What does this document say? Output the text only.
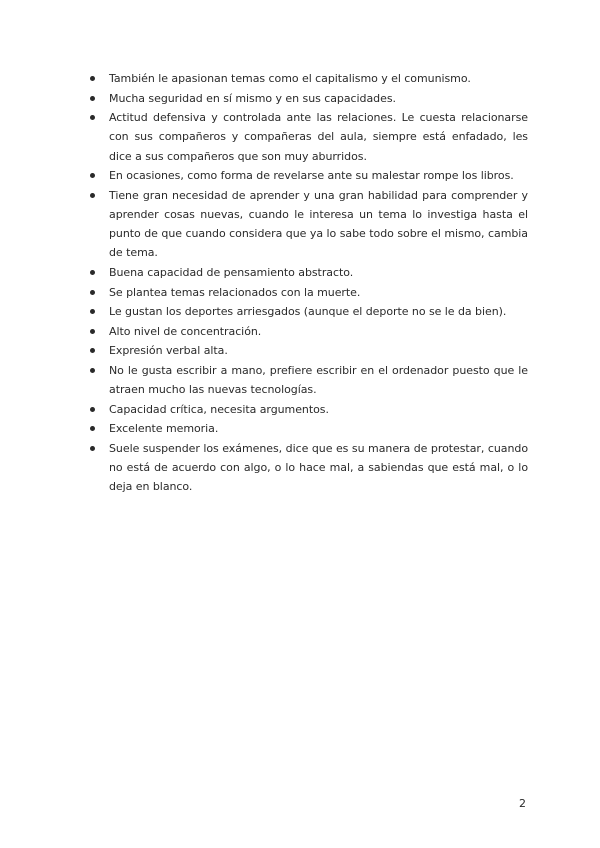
También le apasionan temas como el capitalismo y el comunismo.
Mucha seguridad en sí mismo y en sus capacidades.
Actitud defensiva y controlada ante las relaciones. Le cuesta relacionarse con sus compañeros y compañeras del aula, siempre está enfadado, les dice a sus compañeros que son muy aburridos.
En ocasiones, como forma de revelarse ante su malestar rompe los libros.
Tiene gran necesidad de aprender y una gran habilidad para comprender y aprender cosas nuevas, cuando le interesa un tema lo investiga hasta el punto de que cuando considera que ya lo sabe todo sobre el mismo, cambia de tema.
Buena capacidad de pensamiento abstracto.
Se plantea temas relacionados con la muerte.
Le gustan los deportes arriesgados (aunque el deporte no se le da bien).
Alto nivel de concentración.
Expresión verbal alta.
No le gusta escribir a mano, prefiere escribir en el ordenador puesto que le atraen mucho las nuevas tecnologías.
Capacidad crítica, necesita argumentos.
Excelente memoria.
Suele suspender los exámenes, dice que es su manera de protestar, cuando no está de acuerdo con algo, o lo hace mal, a sabiendas que está mal, o lo deja en blanco.
2
